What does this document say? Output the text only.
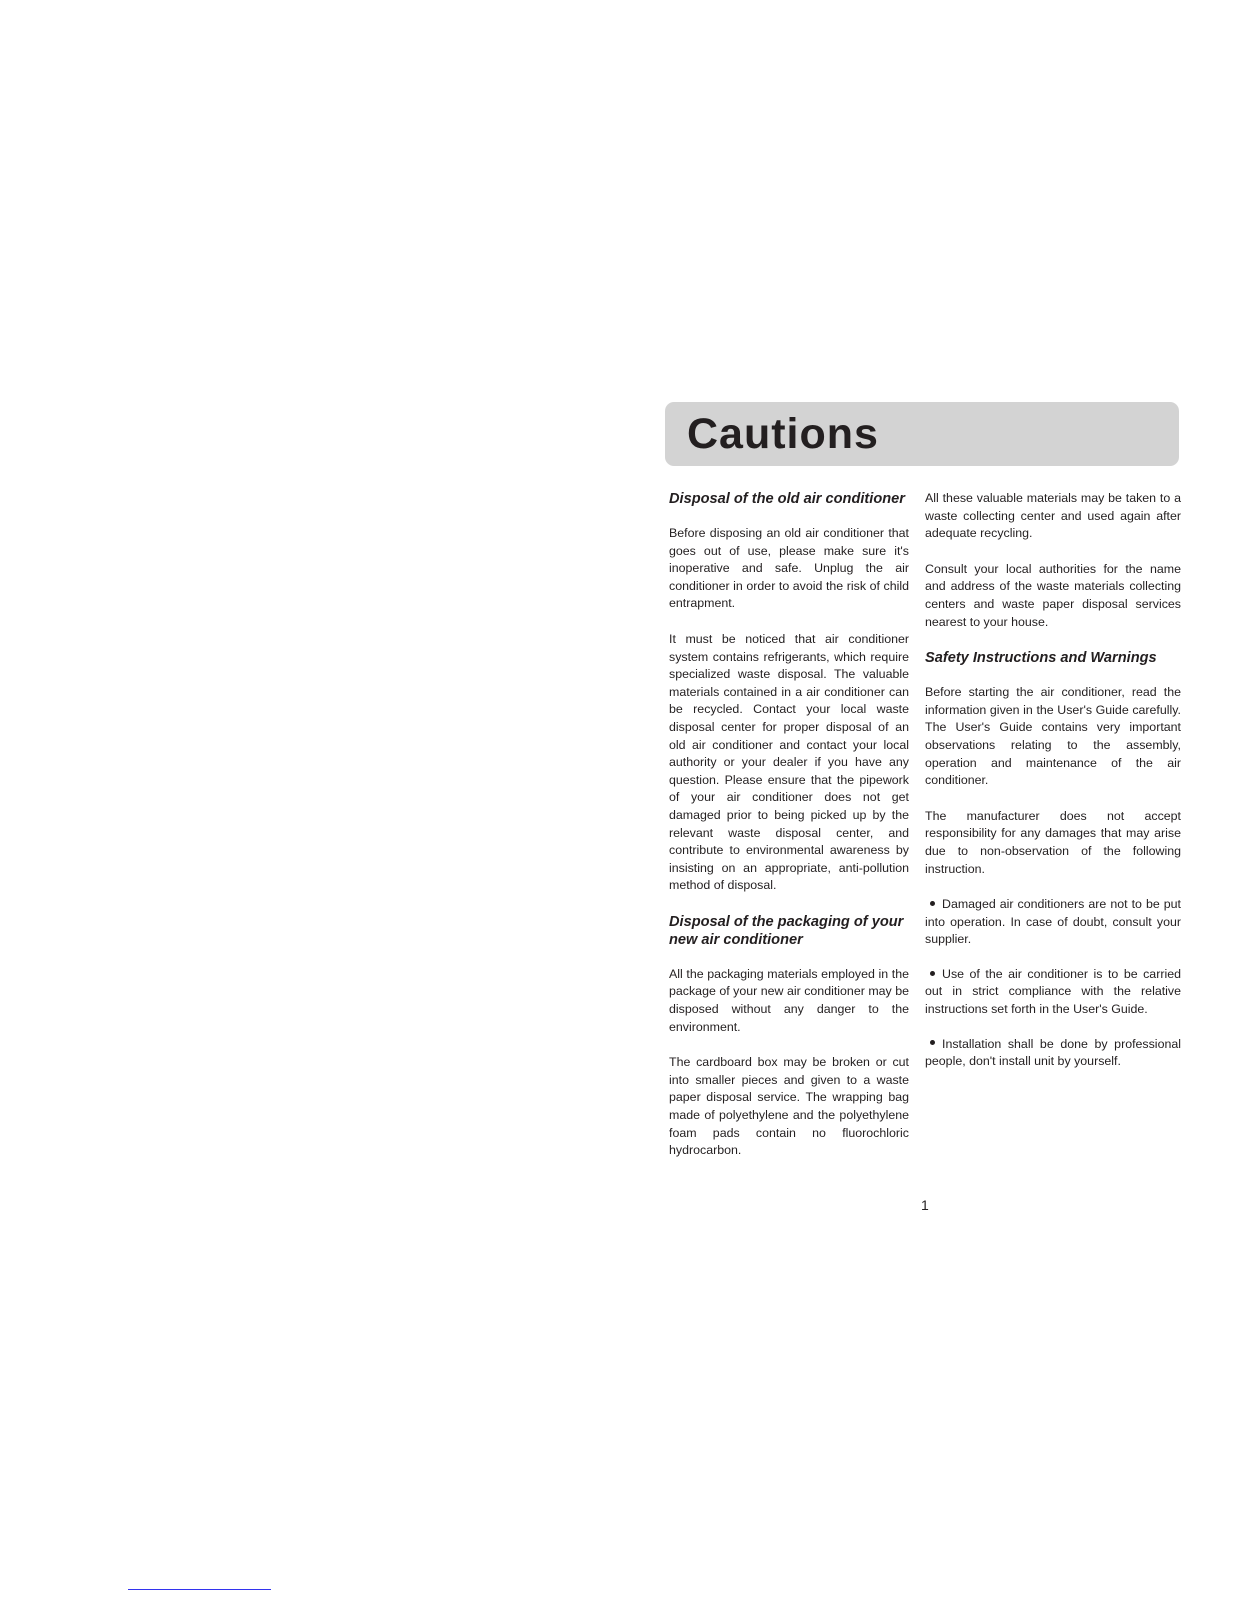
Cautions
Disposal of the old air conditioner

Before disposing an old air conditioner that goes out of use, please make sure it's inoperative and safe. Unplug the air conditioner in order to avoid the risk of child entrapment.

It must be noticed that air conditioner system contains refrigerants, which require specialized waste disposal. The valuable materials contained in a air conditioner can be recycled. Contact your local waste disposal center for proper disposal of an old air conditioner and contact your local authority or your dealer if you have any question. Please ensure that the pipework of your air conditioner does not get damaged prior to being picked up by the relevant waste disposal center, and contribute to environmental awareness by insisting on an appropriate, anti-pollution method of disposal.

Disposal of the packaging of your new air conditioner

All the packaging materials employed in the package of your new air conditioner may be disposed without any danger to the environment.

The cardboard box may be broken or cut into smaller pieces and given to a waste paper disposal service. The wrapping bag made of polyethylene and the polyethylene foam pads contain no fluorochloric hydrocarbon.

All these valuable materials may be taken to a waste collecting center and used again after adequate recycling.

Consult your local authorities for the name and address of the waste materials collecting centers and waste paper disposal services nearest to your house.

Safety Instructions and Warnings

Before starting the air conditioner, read the information given in the User's Guide carefully. The User's Guide contains very important observations relating to the assembly, operation and maintenance of the air conditioner.

The manufacturer does not accept responsibility for any damages that may arise due to non-observation of the following instruction.

Damaged air conditioners are not to be put into operation. In case of doubt, consult your supplier.
Use of the air conditioner is to be carried out in strict compliance with the relative instructions set forth in the User's Guide.
Installation shall be done by professional people, don't install unit by yourself.
1
